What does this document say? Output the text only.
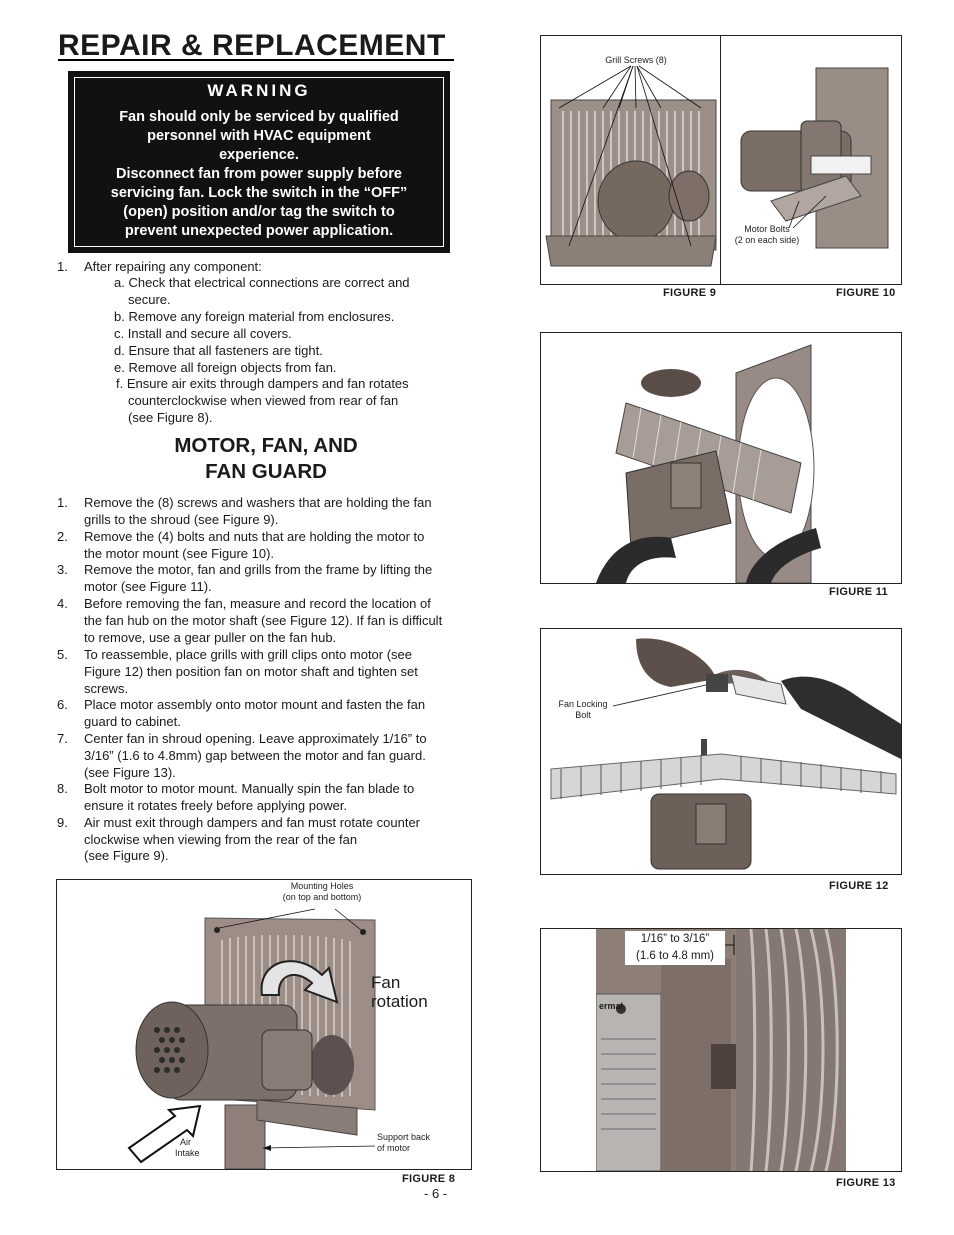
REPAIR & REPLACEMENT
WARNING
Fan should only be serviced by qualified
personnel with HVAC equipment
experience.
Disconnect fan from power supply before
servicing fan. Lock the switch in the “OFF”
(open) position and/or tag the switch to
prevent unexpected power application.
1. After repairing any component:
a. Check that electrical connections are correct and
secure.
b. Remove any foreign material from enclosures.
c. Install and secure all covers.
d. Ensure that all fasteners are tight.
e. Remove all foreign objects from fan.
f. Ensure air exits through dampers and fan rotates
counterclockwise when viewed from rear of fan
(see Figure 8).
MOTOR, FAN, AND
FAN GUARD
1. Remove the (8) screws and washers that are holding the fan
grills to the shroud (see Figure 9).
2. Remove the (4) bolts and nuts that are holding the motor to
the motor mount (see Figure 10).
3. Remove the motor, fan and grills from the frame by lifting the
motor (see Figure 11).
4. Before removing the fan, measure and record the location of
the fan hub on the motor shaft (see Figure 12). If fan is difficult
to remove, use a gear puller on the fan hub.
5. To reassemble, place grills with grill clips onto motor (see
Figure 12) then position fan on motor shaft and tighten set
screws.
6. Place motor assembly onto motor mount and fasten the fan
guard to cabinet.
7. Center fan in shroud opening. Leave approximately 1/16” to
3/16” (1.6 to 4.8mm) gap between the motor and fan guard.
(see Figure 13).
8. Bolt motor to motor mount. Manually spin the fan blade to
ensure it rotates freely before applying power.
9. Air must exit through dampers and fan must rotate counter
clockwise when viewing from the rear of the fan
(see Figure 9).
Mounting Holes
(on top and bottom)
Fan
rotation
Air
Intake
Support back
of motor
FIGURE 8
- 6 -
Grill Screws (8)
Motor Bolts
(2 on each side)
FIGURE 9	FIGURE 10
FIGURE 11
Fan Locking
Bolt
FIGURE 12
1/16” to 3/16”
(1.6 to 4.8 mm)
ermal
FIGURE 13
